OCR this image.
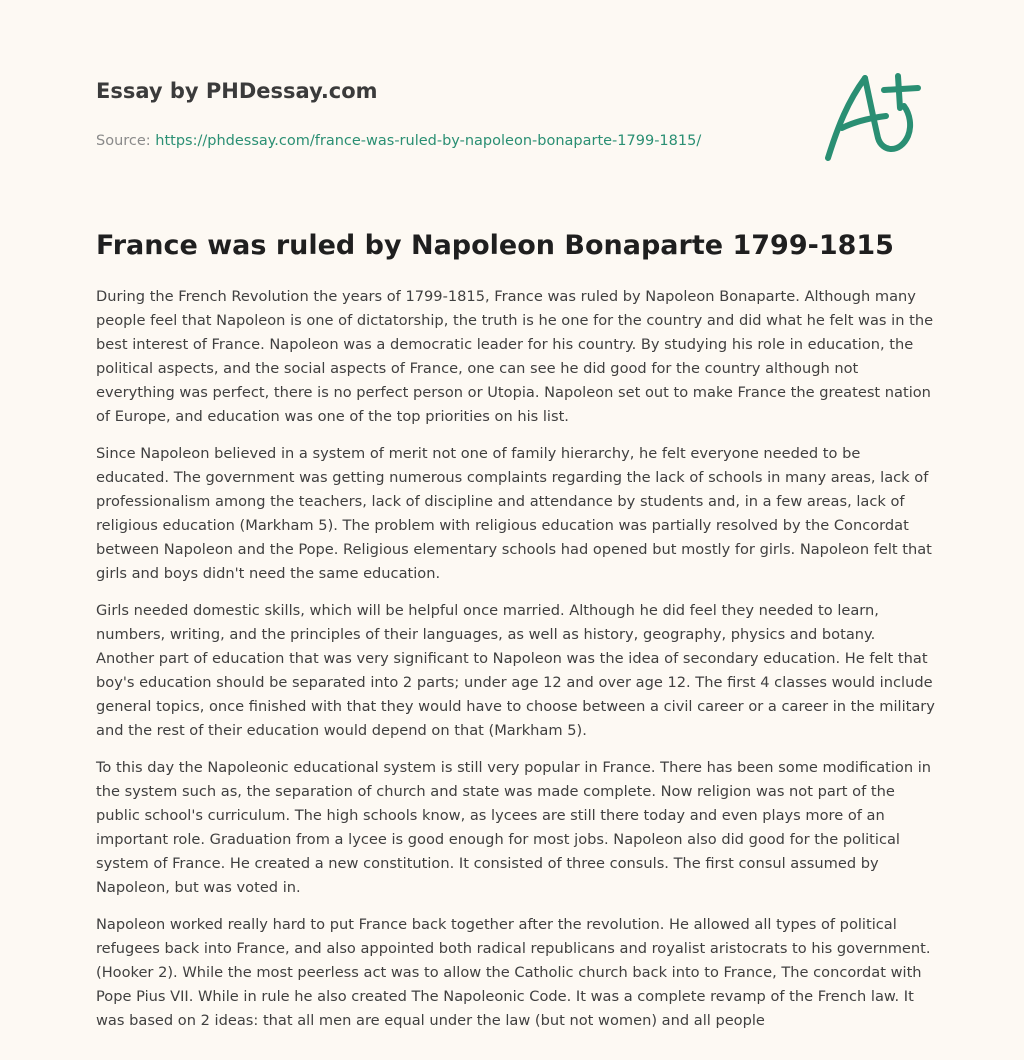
Essay by PHDessay.com
Source: https://phdessay.com/france-was-ruled-by-napoleon-bonaparte-1799-1815/
France was ruled by Napoleon Bonaparte 1799-1815

During the French Revolution the years of 1799-1815, France was ruled by Napoleon Bonaparte. Although many people feel that Napoleon is one of dictatorship, the truth is he one for the country and did what he felt was in the best interest of France. Napoleon was a democratic leader for his country. By studying his role in education, the political aspects, and the social aspects of France, one can see he did good for the country although not everything was perfect, there is no perfect person or Utopia. Napoleon set out to make France the greatest nation of Europe, and education was one of the top priorities on his list.

Since Napoleon believed in a system of merit not one of family hierarchy, he felt everyone needed to be educated. The government was getting numerous complaints regarding the lack of schools in many areas, lack of professionalism among the teachers, lack of discipline and attendance by students and, in a few areas, lack of religious education (Markham 5). The problem with religious education was partially resolved by the Concordat between Napoleon and the Pope. Religious elementary schools had opened but mostly for girls. Napoleon felt that girls and boys didn't need the same education.

Girls needed domestic skills, which will be helpful once married. Although he did feel they needed to learn, numbers, writing, and the principles of their languages, as well as history, geography, physics and botany. Another part of education that was very significant to Napoleon was the idea of secondary education. He felt that boy's education should be separated into 2 parts; under age 12 and over age 12. The first 4 classes would include general topics, once finished with that they would have to choose between a civil career or a career in the military and the rest of their education would depend on that (Markham 5).

To this day the Napoleonic educational system is still very popular in France. There has been some modification in the system such as, the separation of church and state was made complete. Now religion was not part of the public school's curriculum. The high schools know, as lycees are still there today and even plays more of an important role. Graduation from a lycee is good enough for most jobs. Napoleon also did good for the political system of France. He created a new constitution. It consisted of three consuls. The first consul assumed by Napoleon, but was voted in.

Napoleon worked really hard to put France back together after the revolution. He allowed all types of political refugees back into France, and also appointed both radical republicans and royalist aristocrats to his government. (Hooker 2). While the most peerless act was to allow the Catholic church back into to France, The concordat with Pope Pius VII. While in rule he also created The Napoleonic Code. It was a complete revamp of the French law. It was based on 2 ideas: that all men are equal under the law (but not women) and all people
